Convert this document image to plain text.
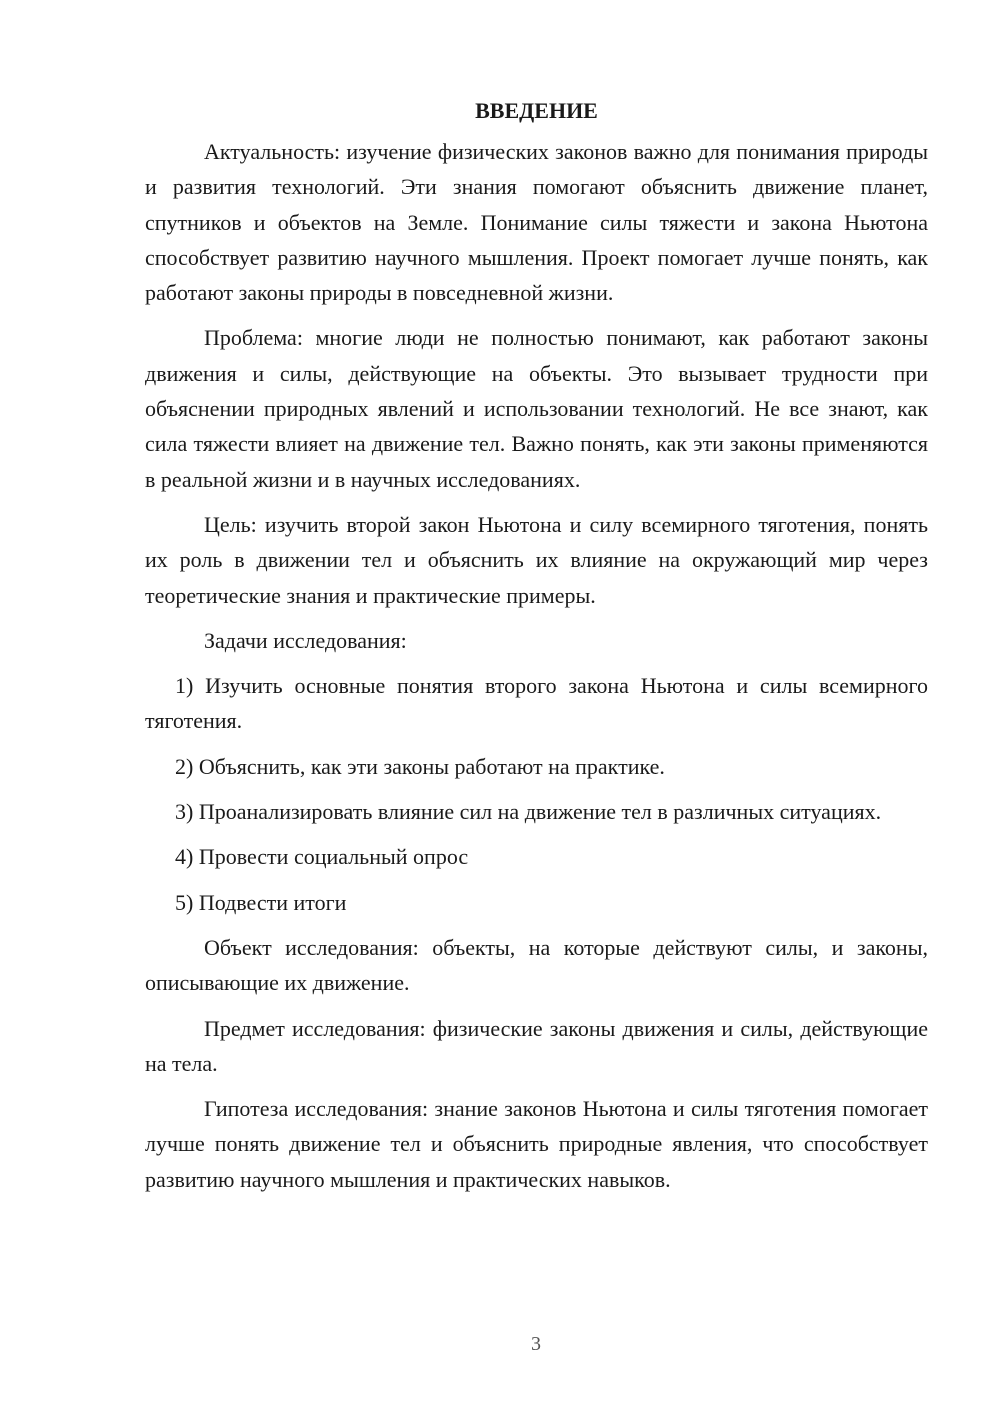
ВВЕДЕНИЕ

Актуальность: изучение физических законов важно для понимания природы и развития технологий. Эти знания помогают объяснить движение планет, спутников и объектов на Земле. Понимание силы тяжести и закона Ньютона способствует развитию научного мышления. Проект помогает лучше понять, как работают законы природы в повседневной жизни.

Проблема: многие люди не полностью понимают, как работают законы движения и силы, действующие на объекты. Это вызывает трудности при объяснении природных явлений и использовании технологий. Не все знают, как сила тяжести влияет на движение тел. Важно понять, как эти законы применяются в реальной жизни и в научных исследованиях.

Цель: изучить второй закон Ньютона и силу всемирного тяготения, понять их роль в движении тел и объяснить их влияние на окружающий мир через теоретические знания и практические примеры.

Задачи исследования:

1) Изучить основные понятия второго закона Ньютона и силы всемирного тяготения.

2) Объяснить, как эти законы работают на практике.

3) Проанализировать влияние сил на движение тел в различных ситуациях.

4) Провести социальный опрос

5) Подвести итоги

Объект исследования: объекты, на которые действуют силы, и законы, описывающие их движение.

Предмет исследования: физические законы движения и силы, действующие на тела.

Гипотеза исследования: знание законов Ньютона и силы тяготения помогает лучше понять движение тел и объяснить природные явления, что способствует развитию научного мышления и практических навыков.

3
